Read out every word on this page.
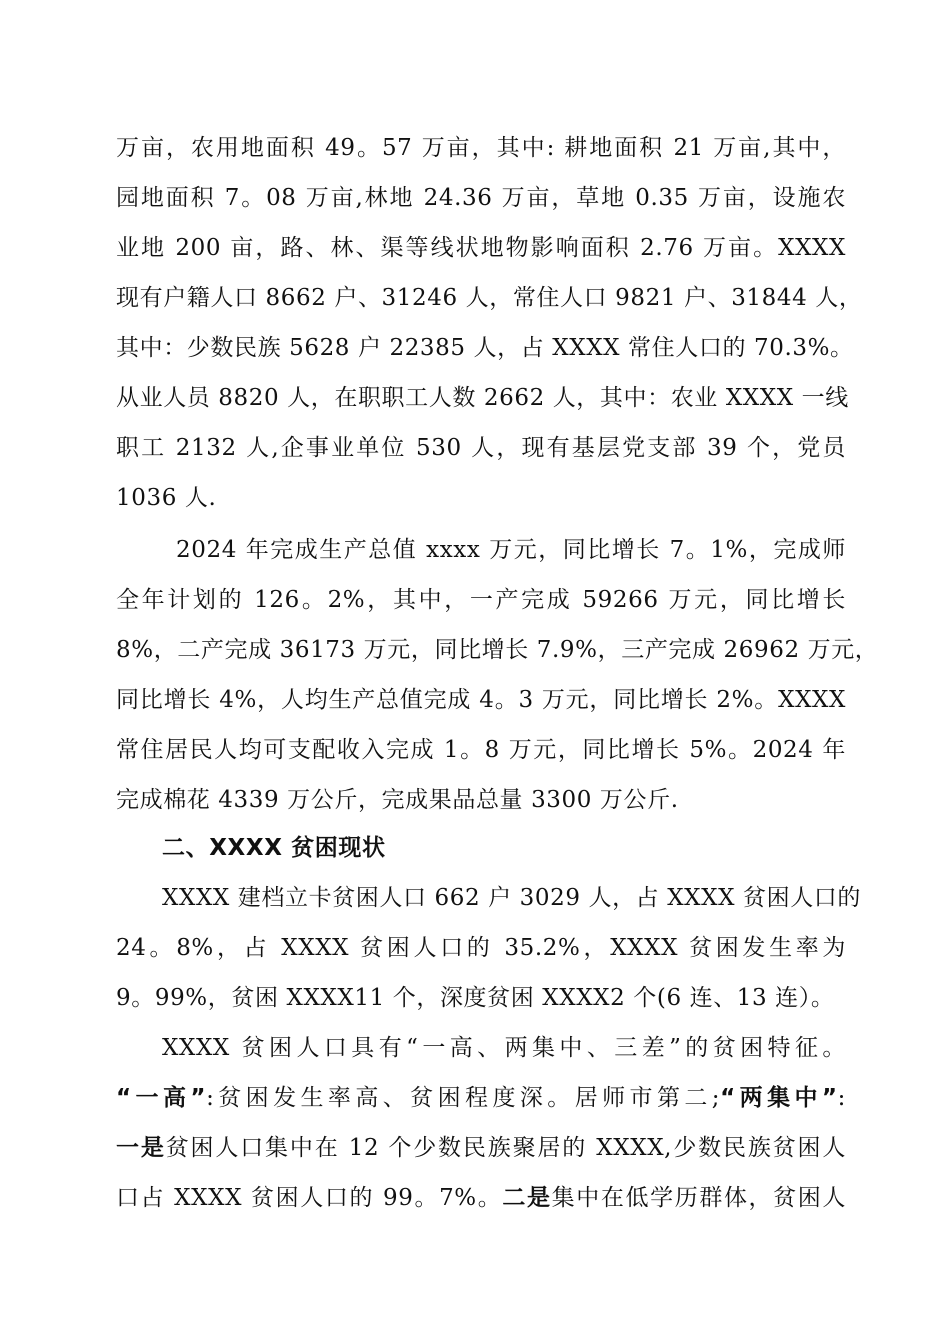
万亩，农用地面积 49。57 万亩，其中: 耕地面积 21 万亩,其中，
园地面积 7。08 万亩,林地 24.36 万亩，草地 0.35 万亩，设施农
业地 200 亩，路、林、渠等线状地物影响面积 2.76 万亩。XXXX
现有户籍人口 8662 户、31246 人，常住人口 9821 户、31844 人，
其中：少数民族 5628 户 22385 人，占 XXXX 常住人口的 70.3%。
从业人员 8820 人，在职职工人数 2662 人，其中：农业 XXXX 一线
职工 2132 人,企事业单位 530 人，现有基层党支部 39 个，党员
1036 人.
2024 年完成生产总值 xxxx 万元，同比增长 7。1%，完成师
全年计划的 126。2%，其中，一产完成 59266 万元，同比增长
8%，二产完成 36173 万元，同比增长 7.9%，三产完成 26962 万元，
同比增长 4%，人均生产总值完成 4。3 万元，同比增长 2%。XXXX
常住居民人均可支配收入完成 1。8 万元，同比增长 5%。2024 年
完成棉花 4339 万公斤，完成果品总量 3300 万公斤.
二、XXXX 贫困现状
XXXX 建档立卡贫困人口 662 户 3029 人，占 XXXX 贫困人口的
24。8%，占 XXXX 贫困人口的 35.2%，XXXX 贫困发生率为
9。99%，贫困 XXXX11 个，深度贫困 XXXX2 个(6 连、13 连）。
XXXX 贫困人口具有“一高、两集中、三差”的贫困特征。
“一高”:贫困发生率高、贫困程度深。居师市第二;“两集中”:
一是贫困人口集中在 12 个少数民族聚居的 XXXX,少数民族贫困人
口占 XXXX 贫困人口的 99。7%。二是集中在低学历群体，贫困人
